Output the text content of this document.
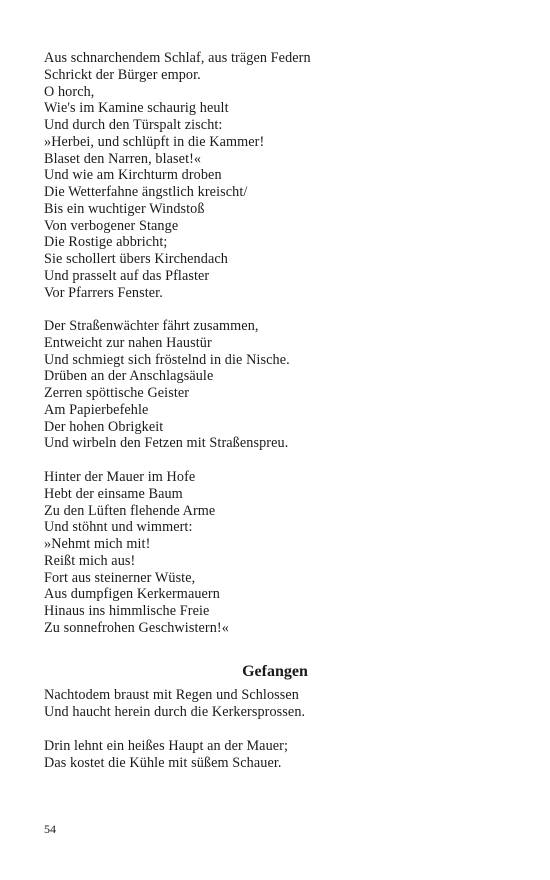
Aus schnarchendem Schlaf, aus trägen Federn
Schrickt der Bürger empor.
O horch,
Wie's im Kamine schaurig heult
Und durch den Türspalt zischt:
»Herbei, und schlüpft in die Kammer!
Blaset den Narren, blaset!«
Und wie am Kirchturm droben
Die Wetterfahne ängstlich kreischt/
Bis ein wuchtiger Windstoß
Von verbogener Stange
Die Rostige abbricht;
Sie schollert übers Kirchendach
Und prasselt auf das Pflaster
Vor Pfarrers Fenster.
Der Straßenwächter fährt zusammen,
Entweicht zur nahen Haustür
Und schmiegt sich fröstelnd in die Nische.
Drüben an der Anschlagsäule
Zerren spöttische Geister
Am Papierbefehle
Der hohen Obrigkeit
Und wirbeln den Fetzen mit Straßenspreu.
Hinter der Mauer im Hofe
Hebt der einsame Baum
Zu den Lüften flehende Arme
Und stöhnt und wimmert:
»Nehmt mich mit!
Reißt mich aus!
Fort aus steinerner Wüste,
Aus dumpfigen Kerkermauern
Hinaus ins himmlische Freie
Zu sonnefrohen Geschwistern!«
Gefangen
Nachtodem braust mit Regen und Schlossen
Und haucht herein durch die Kerkersprossen.
Drin lehnt ein heißes Haupt an der Mauer;
Das kostet die Kühle mit süßem Schauer.
54
